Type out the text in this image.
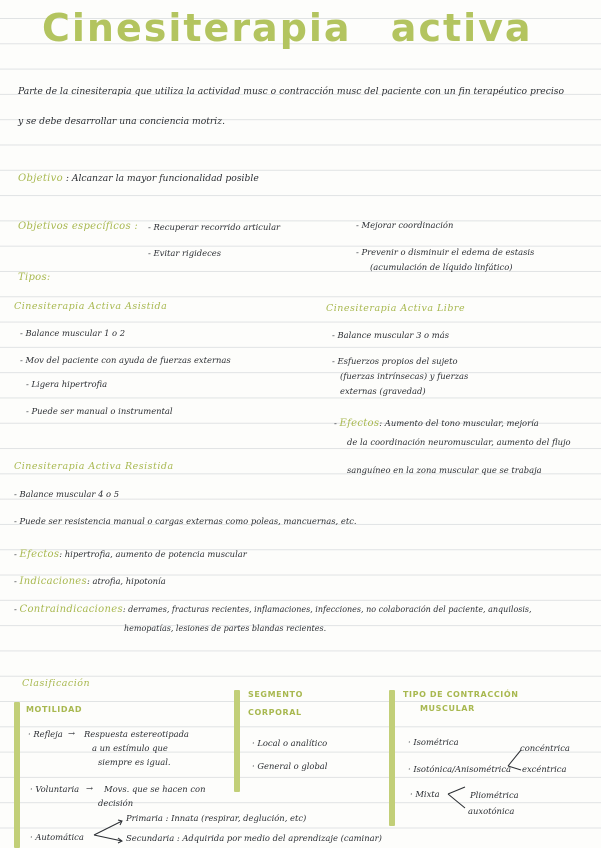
Cinesiterapia activa
Parte de la cinesiterapia que utiliza la actividad musc o contracción musc del paciente con un fin terapéutico preciso
y se debe desarrollar una conciencia motriz.
Objetivo : Alcanzar la mayor funcionalidad posible
Objetivos específicos : - Recuperar recorrido articular
- Evitar rigideces
- Mejorar coordinación
- Prevenir o disminuir el edema de estasis
(acumulación de líquido linfático)
Tipos:
Cinesiterapia Activa Asistida
- Balance muscular 1 o 2
- Mov del paciente con ayuda de fuerzas externas
- Ligera hipertrofia
- Puede ser manual o instrumental
Cinesiterapia Activa Libre
- Balance muscular 3 o más
- Esfuerzos propios del sujeto
(fuerzas intrínsecas) y fuerzas
externas (gravedad)
- Efectos: Aumento del tono muscular, mejoría
de la coordinación neuromuscular, aumento del flujo
sanguíneo en la zona muscular que se trabaja
Cinesiterapia Activa Resistida
- Balance muscular 4 o 5
- Puede ser resistencia manual o cargas externas como poleas, mancuernas, etc.
- Efectos: hipertrofia, aumento de potencia muscular
- Indicaciones: atrofia, hipotonía
- Contraindicaciones: derrames, fracturas recientes, inflamaciones, infecciones, no colaboración del paciente, anquilosis,
hemopatías, lesiones de partes blandas recientes.
Clasificación
MOTILIDAD
· Refleja → Respuesta estereotipada
a un estímulo que
siempre es igual.
· Voluntaria → Movs. que se hacen con
decisión
· Automática
Primaria : Innata (respirar, deglución, etc)
Secundaria : Adquirida por medio del aprendizaje (caminar)
SEGMENTO
CORPORAL
· Local o analítico
· General o global
TIPO DE CONTRACCIÓN
MUSCULAR
· Isométrica
· Isotónica/Anisométrica
concéntrica
excéntrica
· Mixta	Pliométrica
auxotónica
